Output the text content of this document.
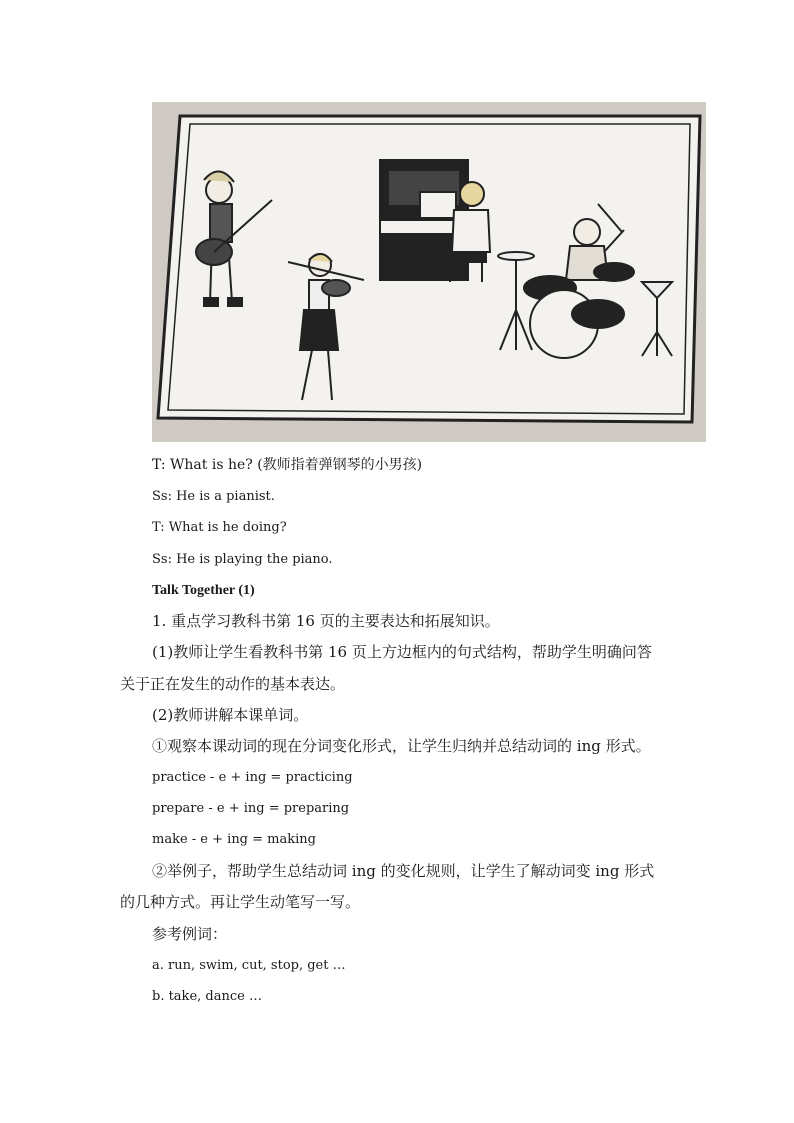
T: What is he? (教师指着弹钢琴的小男孩)
Ss: He is a pianist.
T: What is he doing?
Ss: He is playing the piano.
Talk Together (1)
1. 重点学习教科书第 16 页的主要表达和拓展知识。
(1)教师让学生看教科书第 16 页上方边框内的句式结构，帮助学生明确问答
关于正在发生的动作的基本表达。
(2)教师讲解本课单词。
①观察本课动词的现在分词变化形式，让学生归纳并总结动词的 ing 形式。
practice - e + ing = practicing
prepare - e + ing = preparing
make - e + ing = making
②举例子，帮助学生总结动词 ing 的变化规则，让学生了解动词变 ing 形式
的几种方式。再让学生动笔写一写。
参考例词：
a. run, swim, cut, stop, get …
b. take, dance …
